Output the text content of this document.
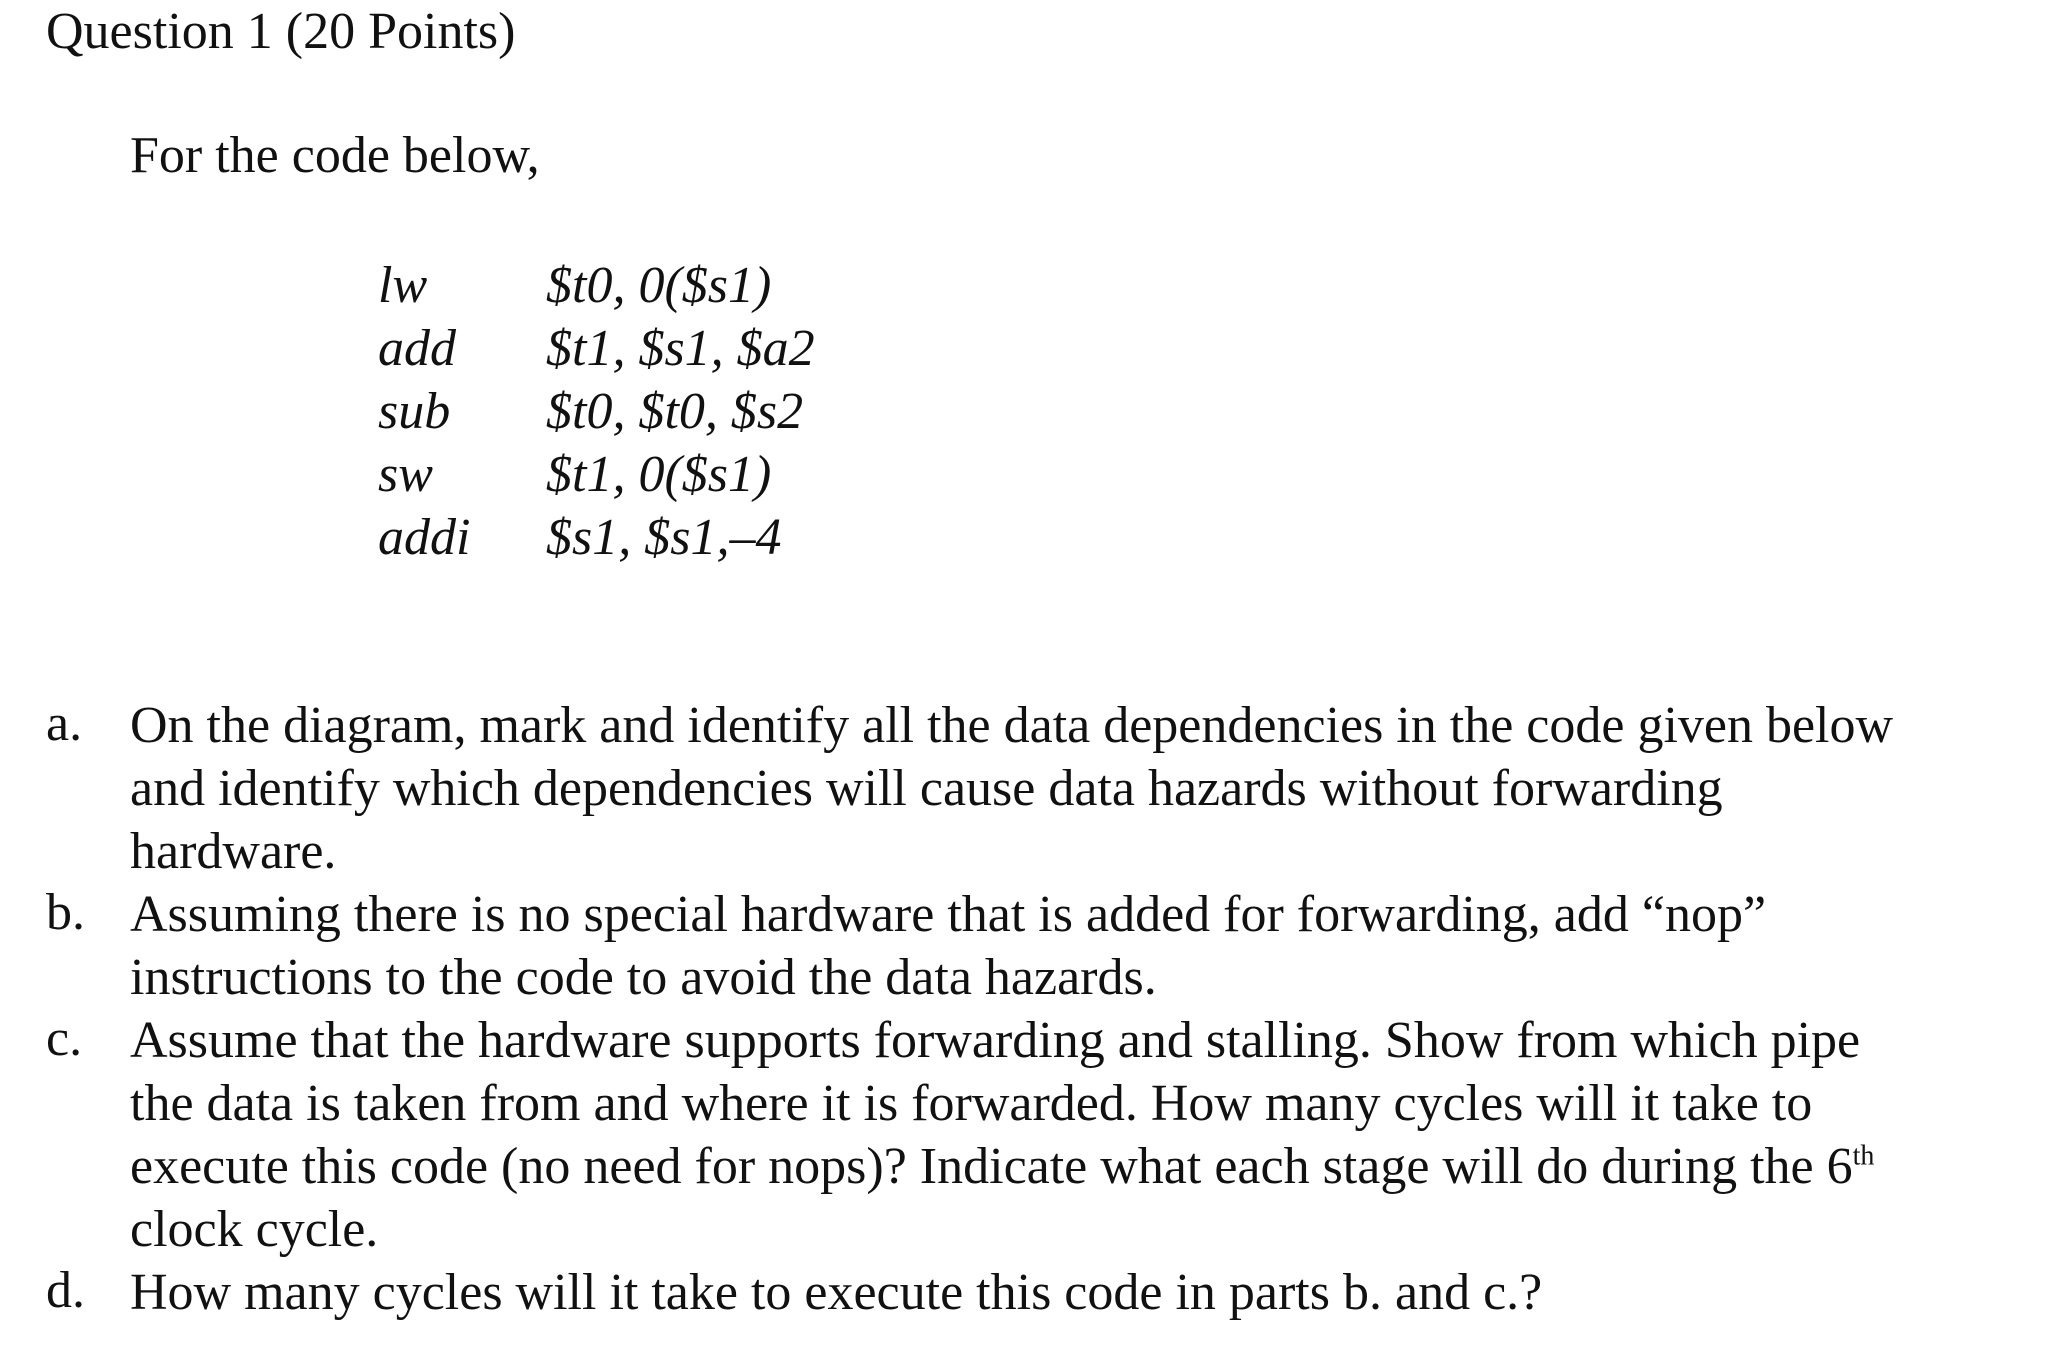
Question 1 (20 Points)
For the code below,
lw $t0, 0($s1)
add $t1, $s1, $a2
sub $t0, $t0, $s2
sw $t1, 0($s1)
addi $s1, $s1,–4
a. On the diagram, mark and identify all the data dependencies in the code given below
and identify which dependencies will cause data hazards without forwarding
hardware.
b. Assuming there is no special hardware that is added for forwarding, add “nop”
instructions to the code to avoid the data hazards.
c. Assume that the hardware supports forwarding and stalling. Show from which pipe
the data is taken from and where it is forwarded. How many cycles will it take to
execute this code (no need for nops)? Indicate what each stage will do during the 6th
clock cycle.
d. How many cycles will it take to execute this code in parts b. and c.?
